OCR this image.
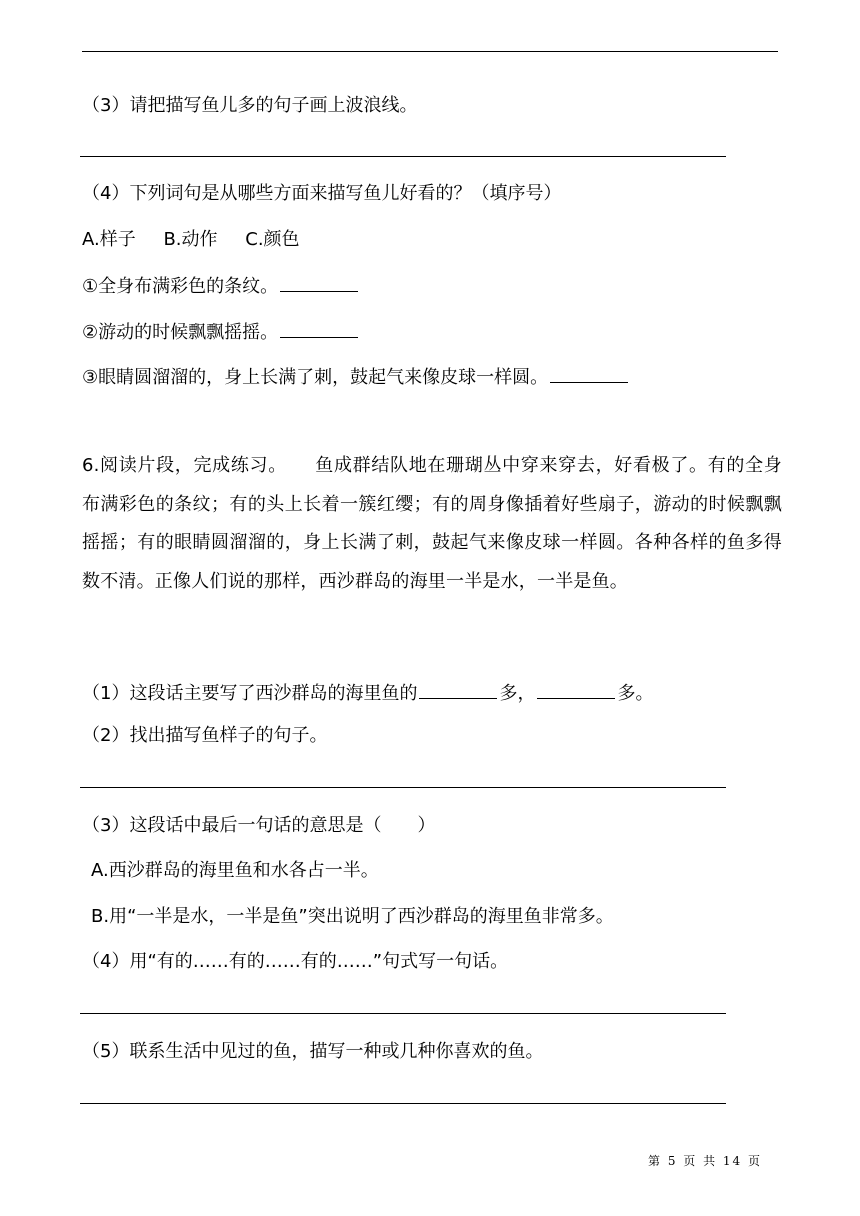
（3）请把描写鱼儿多的句子画上波浪线。
（4）下列词句是从哪些方面来描写鱼儿好看的？（填序号）
A.样子 B.动作 C.颜色
①全身布满彩色的条纹。
②游动的时候飘飘摇摇。
③眼睛圆溜溜的，身上长满了刺，鼓起气来像皮球一样圆。
6.阅读片段，完成练习。　　鱼成群结队地在珊瑚丛中穿来穿去，好看极了。有的全身布满彩色的条纹；有的头上长着一簇红缨；有的周身像插着好些扇子，游动的时候飘飘摇摇；有的眼睛圆溜溜的，身上长满了刺，鼓起气来像皮球一样圆。各种各样的鱼多得数不清。正像人们说的那样，西沙群岛的海里一半是水，一半是鱼。
（1）这段话主要写了西沙群岛的海里鱼的	多，	多。
（2）找出描写鱼样子的句子。
（3）这段话中最后一句话的意思是（　　）
A.西沙群岛的海里鱼和水各占一半。
B.用“一半是水，一半是鱼”突出说明了西沙群岛的海里鱼非常多。
（4）用“有的……有的……有的……”句式写一句话。
（5）联系生活中见过的鱼，描写一种或几种你喜欢的鱼。
第 5 页 共 14 页
